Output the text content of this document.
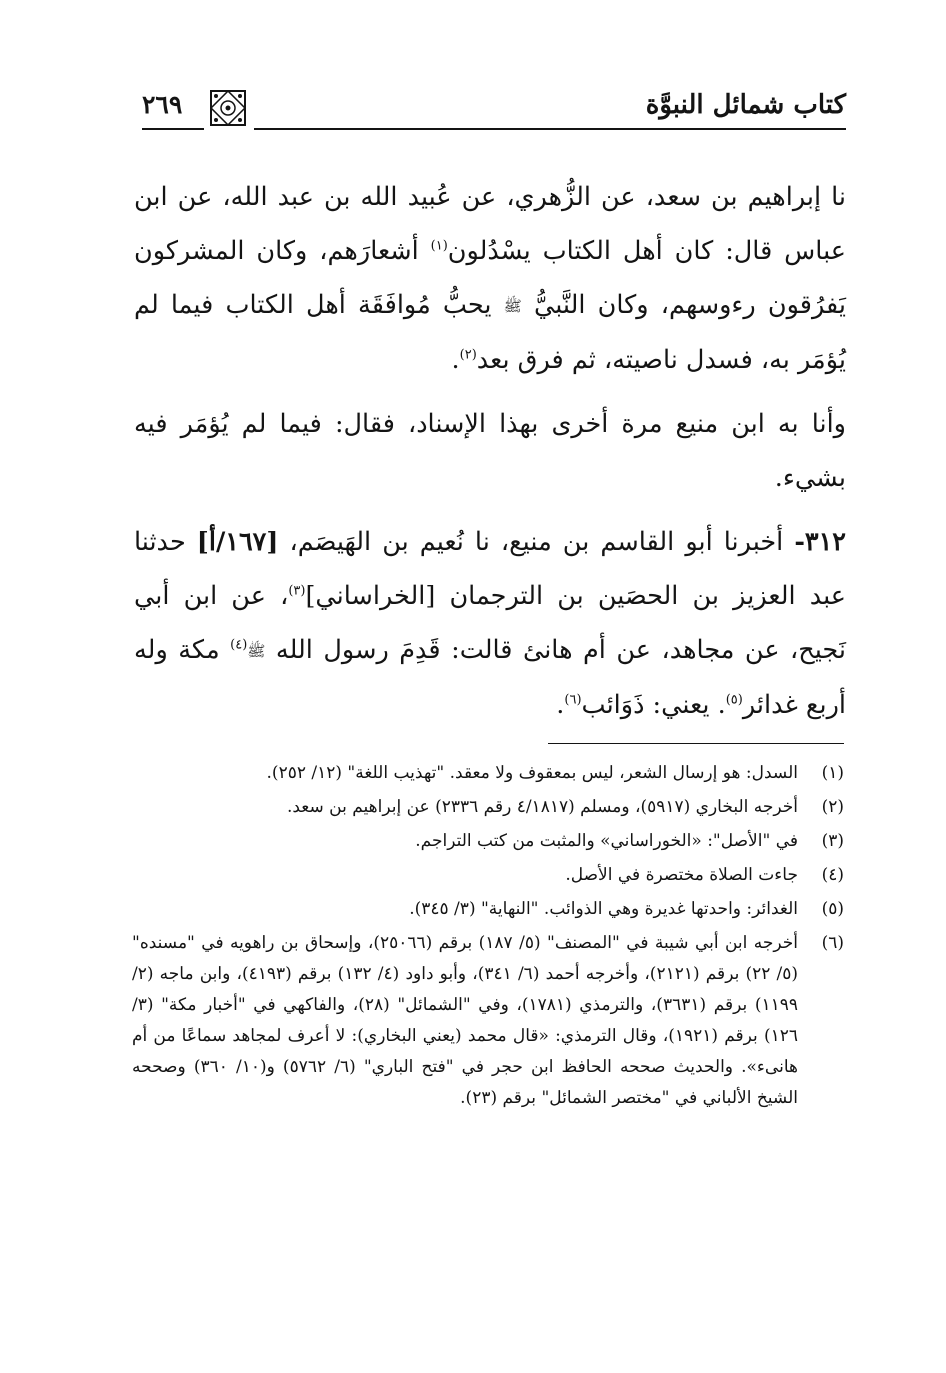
كتاب شمائل النبوَّة
٢٦٩

نا إبراهيم بن سعد، عن الزُّهري، عن عُبيد الله بن عبد الله، عن ابن عباس قال: كان أهل الكتاب يسْدُلون$^{(١)}$ أشعارَهم، وكان المشركون يَفرُقون رءوسهم، وكان النَّبيُّ ﷺ يحبُّ مُوافَقَة أهل الكتاب فيما لم يُؤمَر به، فسدل ناصيته، ثم فرق بعد$^{(٢)}$.

وأنا به ابن منيع مرة أخرى بهذا الإسناد، فقال: فيما لم يُؤمَر فيه بشيء.

٣١٢- أخبرنا أبو القاسم بن منيع، نا نُعيم بن الهَيصَم، [١٦٧/أ] حدثنا عبد العزيز بن الحصَين بن الترجمان [الخراساني]$^{(٣)}$، عن ابن أبي نَجيح، عن مجاهد، عن أم هانئ قالت: قَدِمَ رسول الله ﷺ$^{(٤)}$ مكة وله أربع غدائر$^{(٥)}$. يعني: ذَوَائب$^{(٦)}$.

(١)
السدل: هو إرسال الشعر، ليس بمعقوف ولا معقد. "تهذيب اللغة" (١٢/ ٢٥٢).
(٢)
أخرجه البخاري (٥٩١٧)، ومسلم (٤/١٨١٧ رقم ٢٣٣٦) عن إبراهيم بن سعد.
(٣)
في "الأصل": «الخوراساني» والمثبت من كتب التراجم.
(٤)
جاءت الصلاة مختصرة في الأصل.
(٥)
الغدائر: واحدتها غديرة وهي الذوائب. "النهاية" (٣/ ٣٤٥).
(٦)
أخرجه ابن أبي شيبة في "المصنف" (٥/ ١٨٧) برقم (٢٥٠٦٦)، وإسحاق بن راهويه في "مسنده" (٥/ ٢٢) برقم (٢١٢١)، وأخرجه أحمد (٦/ ٣٤١)، وأبو داود (٤/ ١٣٢) برقم (٤١٩٣)، وابن ماجه (٢/ ١١٩٩) برقم (٣٦٣١)، والترمذي (١٧٨١)، وفي "الشمائل" (٢٨)، والفاكهي في "أخبار مكة" (٣/ ١٢٦) برقم (١٩٢١)، وقال الترمذي: «قال محمد (يعني البخاري): لا أعرف لمجاهد سماعًا من أم هانىء». والحديث صححه الحافظ ابن حجر في "فتح الباري" (٦/ ٥٧٦٢) و(١٠/ ٣٦٠) وصححه الشيخ الألباني في "مختصر الشمائل" برقم (٢٣).
